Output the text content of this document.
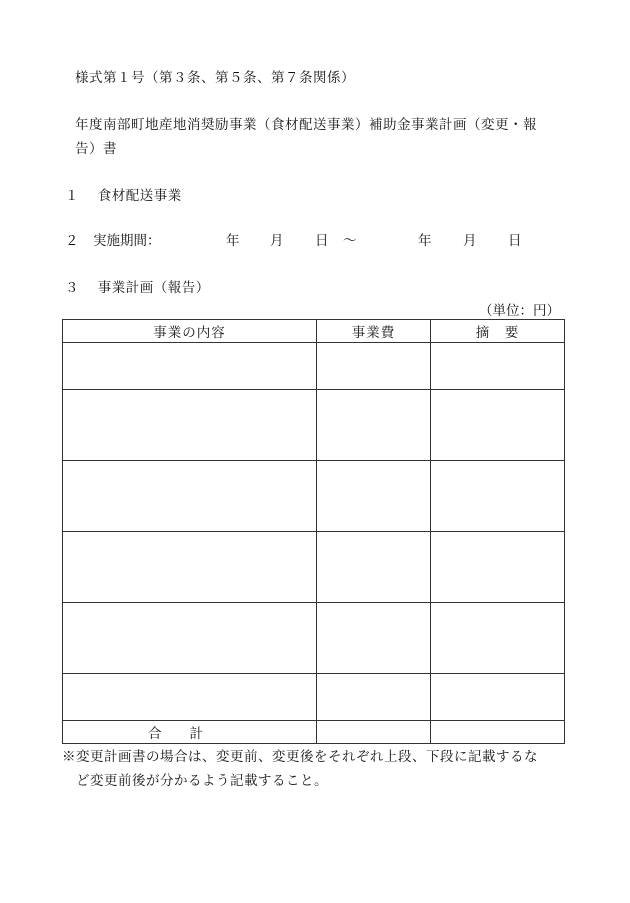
様式第１号（第３条、第５条、第７条関係）
年度南部町地産地消奨励事業（食材配送事業）補助金事業計画（変更・報
告）書
１ 食材配送事業
２ 実施期間：	年 月 日 ～	年 月 日
３ 事業計画（報告）
（単位：円）
事業の内容	事業費	摘　要

合計		
※変更計画書の場合は、変更前、変更後をそれぞれ上段、下段に記載するな
ど変更前後が分かるよう記載すること。
